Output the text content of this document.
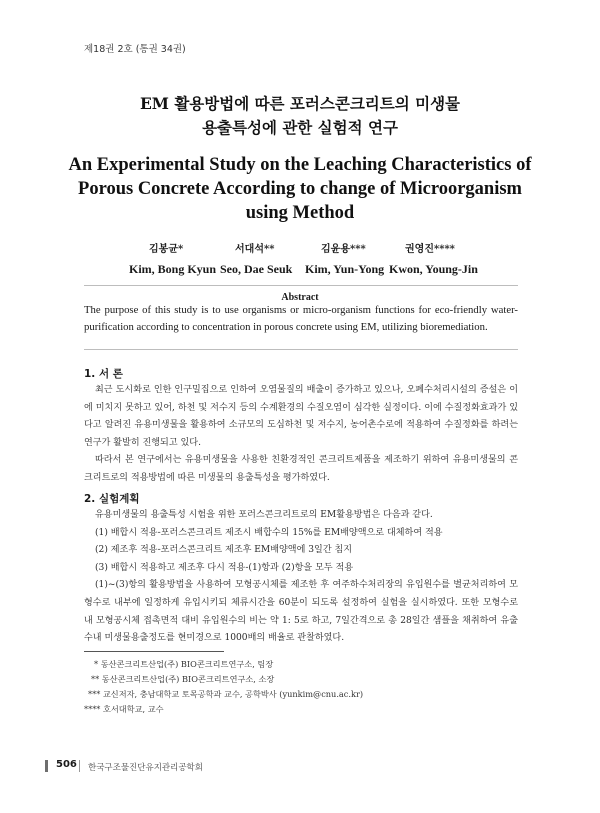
제18권 2호 (통권 34권)
EM 활용방법에 따른 포러스콘크리트의 미생물
용출특성에 관한 실험적 연구
An Experimental Study on the Leaching Characteristics of
Porous Concrete According to change of Microorganism
using Method
김봉균*	서대석**	김윤용***	권영진****
Kim, Bong Kyun Seo, Dae Seuk Kim, Yun-Yong Kwon, Young-Jin
Abstract
The purpose of this study is to use organisms or micro-organism functions for eco-friendly water-purification according to concentration in porous concrete using EM, utilizing bioremediation.
1. 서 론

최근 도시화로 인한 인구밀집으로 인하여 오염물질의 배출이 증가하고 있으나, 오폐수처리시설의 증설은 이에 미치지 못하고 있어, 하천 및 저수지 등의 수계환경의 수질오염이 심각한 실정이다. 이에 수질정화효과가 있다고 알려진 유용미생물을 활용하여 소규모의 도심하천 및 저수지, 농어촌수로에 적용하여 수질정화를 하려는 연구가 활발히 진행되고 있다.

따라서 본 연구에서는 유용미생물을 사용한 친환경적인 콘크리트제품을 제조하기 위하여 유용미생물의 콘크리트로의 적용방법에 따른 미생물의 용출특성을 평가하였다.

2. 실험계획
유용미생물의 용출특성 시험을 위한 포러스콘크리트로의 EM활용방법은 다음과 같다.
(1) 배합시 적용-포러스콘크리트 제조시 배합수의 15%를 EM배양액으로 대체하여 적용
(2) 제조후 적용-포러스콘크리트 제조후 EM배양액에 3일간 침지
(3) 배합시 적용하고 제조후 다시 적용-(1)항과 (2)항을 모두 적용

(1)~(3)항의 활용방법을 사용하여 모형공시체를 제조한 후 여주하수처리장의 유입원수를 별균처리하여 모형수로 내부에 일정하게 유입시키되 체류시간을 60분이 되도록 설정하여 실험을 실시하였다. 또한 모형수로 내 모형공시체 접촉면적 대비 유입원수의 비는 약 1: 5로 하고, 7일간격으로 총 28일간 샘플을 채취하여 유출수내 미생물용출정도를 현미경으로 1000배의 배율로 관찰하였다.

* 동산콘크리트산업(주) BIO콘크리트연구소, 팀장
** 동산콘크리트산업(주) BIO콘크리트연구소, 소장
*** 교신저자, 충남대학교 토목공학과 교수, 공학박사 (yunkim@cnu.ac.kr)
**** 호서대학교, 교수
506 한국구조물진단유지관리공학회
